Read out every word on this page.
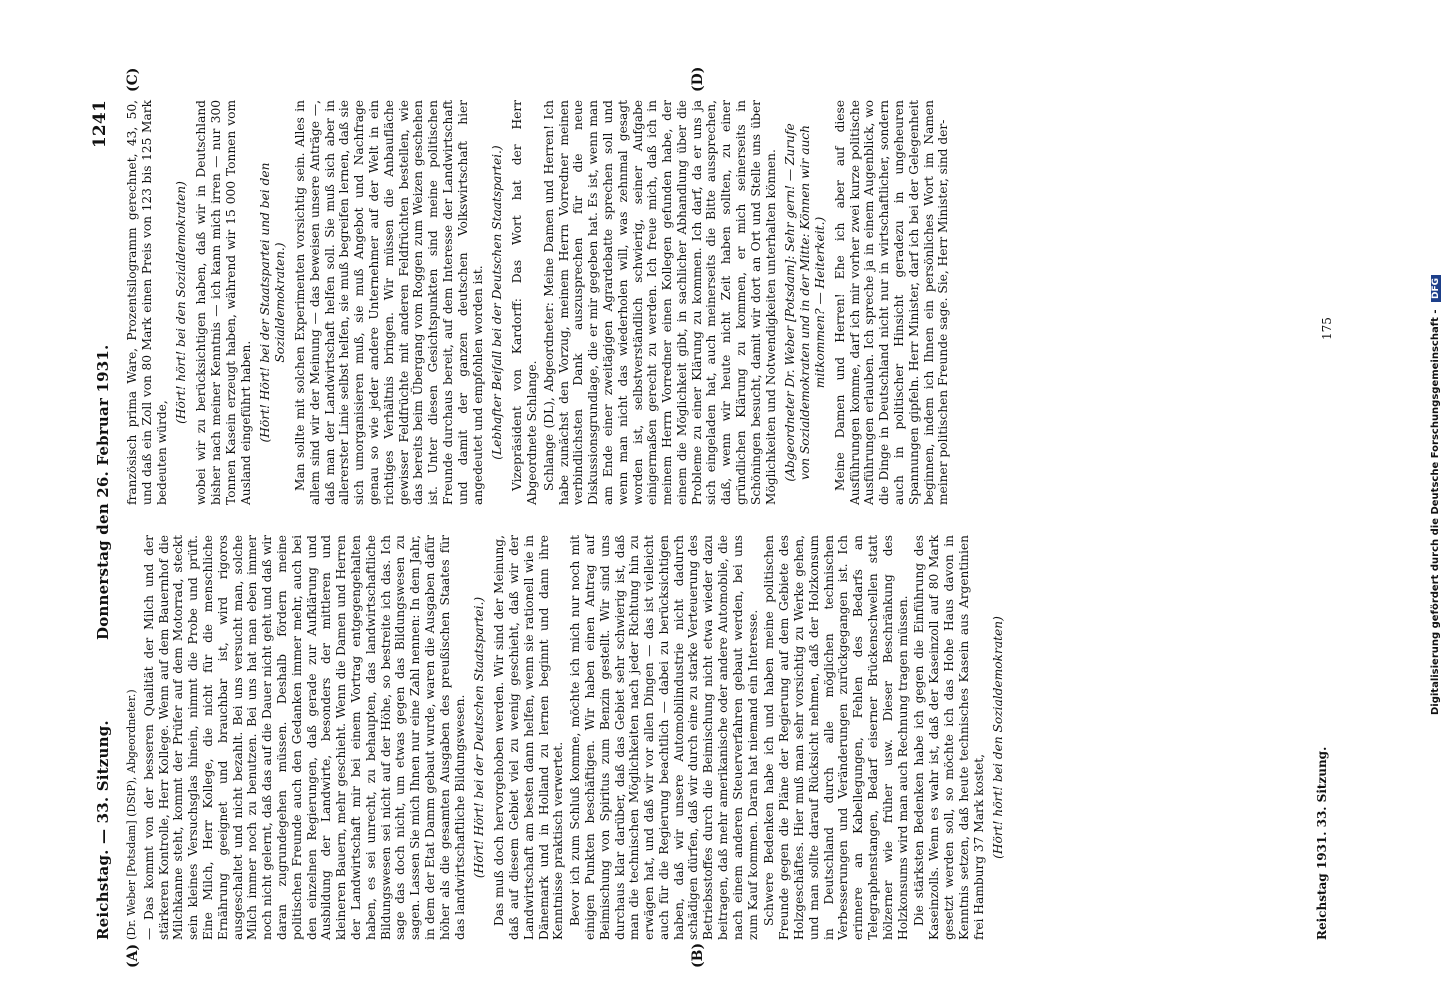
Reichstag. — 33. Sitzung.
Donnerstag den 26. Februar 1931.
1241
(A)	(B)
(C)	(D)

(Dr. Weber [Potsdam] (DStP), Abgeordneter.) — Das kommt von der besseren Qualität der Milch und der stärkeren Kontrolle, Herr Kollege. Wenn auf dem Bauernhof die Milchkanne steht, kommt der Prüfer auf dem Motorrad, steckt sein kleines Versuchsglas hinein, nimmt die Probe und prüft. Eine Milch, Herr Kollege, die nicht für die menschliche Ernährung geeignet und brauchbar ist, wird rigoros ausgeschaltet und nicht bezahlt. Bei uns versucht man, solche Milch immer noch zu benutzen. Bei uns hat man eben immer noch nicht gelernt, daß das auf die Dauer nicht geht und daß wir daran zugrundegehen müssen. Deshalb fördern meine politischen Freunde auch den Gedanken immer mehr, auch bei den einzelnen Regierungen, daß gerade zur Aufklärung und Ausbildung der Landwirte, besonders der mittleren und kleineren Bauern, mehr geschieht. Wenn die Damen und Herren der Landwirtschaft mir bei einem Vortrag entgegengehalten haben, es sei unrecht, zu behaupten, das landwirtschaftliche Bildungswesen sei nicht auf der Höhe, so bestreite ich das. Ich sage das doch nicht, um etwas gegen das Bildungswesen zu sagen. Lassen Sie mich Ihnen nur eine Zahl nennen: In dem Jahr, in dem der Etat Damm gebaut wurde, waren die Ausgaben dafür höher als die gesamten Ausgaben des preußischen Staates für das landwirtschaftliche Bildungswesen. (Hört! Hört! bei der Deutschen Staatspartei.) Das muß doch hervorgehoben werden. Wir sind der Meinung, daß auf diesem Gebiet viel zu wenig geschieht, daß wir der Landwirtschaft am besten dann helfen, wenn sie rationell wie in Dänemark und in Holland zu lernen beginnt und dann ihre Kenntnisse praktisch verwertet. Bevor ich zum Schluß komme, möchte ich mich nur noch mit einigen Punkten beschäftigen. Wir haben einen Antrag auf Beimischung von Spiritus zum Benzin gestellt. Wir sind uns durchaus klar darüber, daß das Gebiet sehr schwierig ist, daß man die technischen Möglichkeiten nach jeder Richtung hin zu erwägen hat, und daß wir vor allen Dingen — das ist vielleicht auch für die Regierung beachtlich — dabei zu berücksichtigen haben, daß wir unsere Automobilindustrie nicht dadurch schädigen dürfen, daß wir durch eine zu starke Verteuerung des Betriebsstoffes durch die Beimischung nicht etwa wieder dazu beitragen, daß mehr amerikanische oder andere Automobile, die nach einem anderen Steuerverfahren gebaut werden, bei uns zum Kauf kommen. Daran hat niemand ein Interesse. Schwere Bedenken habe ich und haben meine politischen Freunde gegen die Pläne der Regierung auf dem Gebiete des Holzgeschäftes. Hier muß man sehr vorsichtig zu Werke gehen, und man sollte darauf Rücksicht nehmen, daß der Holzkonsum in Deutschland durch alle möglichen technischen Verbesserungen und Veränderungen zurückgegangen ist. Ich erinnere an Kabellegungen, Fehlen des Bedarfs an Telegraphenstangen, Bedarf eiserner Brückenschwellen statt hölzerner wie früher usw. Dieser Beschränkung des Holzkonsums wird man auch Rechnung tragen müssen. Die stärksten Bedenken habe ich gegen die Einführung des Kaseinzolls. Wenn es wahr ist, daß der Kaseinzoll auf 80 Mark gesetzt werden soll, so möchte ich das Hohe Haus davon in Kenntnis setzen, daß heute technisches Kasein aus Argentinien frei Hamburg 37 Mark kostet, (Hört! hört! bei den Sozialdemokraten)

französisch prima Ware, Prozentsilogramm gerechnet, 43, 50, und daß ein Zoll von 80 Mark einen Preis von 123 bis 125 Mark bedeuten würde,

(Hört! hört! bei den Sozialdemokraten) wobei wir zu berücksichtigen haben, daß wir in Deutschland bisher nach meiner Kenntnis — ich kann mich irren — nur 300 Tonnen Kasein erzeugt haben, während wir 15 000 Tonnen vom Ausland eingeführt haben. (Hört! Hört! bei der Staatspartei und bei den Sozialdemokraten.) Man sollte mit solchen Experimenten vorsichtig sein. Alles in allem sind wir der Meinung — das beweisen unsere Anträge —, daß man der Landwirtschaft helfen soll. Sie muß sich aber in allererster Linie selbst helfen, sie muß begreifen lernen, daß sie sich umorganisieren muß, sie muß Angebot und Nachfrage genau so wie jeder andere Unternehmer auf der Welt in ein richtiges Verhältnis bringen. Wir müssen die Anbaufläche gewisser Feldfrüchte mit anderen Feldfrüchten bestellen, wie das bereits beim Übergang vom Roggen zum Weizen geschehen ist. Unter diesen Gesichtspunkten sind meine politischen Freunde durchaus bereit, auf dem Interesse der Landwirtschaft und damit der ganzen deutschen Volkswirtschaft hier angedeutet und empfohlen worden ist. (Lebhafter Beifall bei der Deutschen Staatspartei.) Vizepräsident von Kardorff: Das Wort hat der Herr Abgeordnete Schlange. Schlange (DL), Abgeordneter: Meine Damen und Herren! Ich habe zunächst den Vorzug, meinem Herrn Vorredner meinen verbindlichsten Dank auszusprechen für die neue Diskussionsgrundlage, die er mir gegeben hat. Es ist, wenn man am Ende einer zweitägigen Agrardebatte sprechen soll und wenn man nicht das wiederholen will, was zehnmal gesagt worden ist, selbstverständlich schwierig, seiner Aufgabe einigermaßen gerecht zu werden. Ich freue mich, daß ich in meinem Herrn Vorredner einen Kollegen gefunden habe, der einem die Möglichkeit gibt, in sachlicher Abhandlung über die Probleme zu einer Klärung zu kommen. Ich darf, da er uns ja sich eingeladen hat, auch meinerseits die Bitte aussprechen, daß, wenn wir heute nicht Zeit haben sollten, zu einer gründlichen Klärung zu kommen, er mich seinerseits in Schöningen besucht, damit wir dort an Ort und Stelle uns über Möglichkeiten und Notwendigkeiten unterhalten können. (Abgeordneter Dr. Weber [Potsdam]: Sehr gern! — Zurufe von Sozialdemokraten und in der Mitte: Können wir auch mitkommen? — Heiterkeit.) Meine Damen und Herren! Ehe ich aber auf diese Ausführungen komme, darf ich mir vorher zwei kurze politische Ausführungen erlauben. Ich spreche ja in einem Augenblick, wo die Dinge in Deutschland nicht nur in wirtschaftlicher, sondern auch in politischer Hinsicht geradezu in ungeheuren Spannungen gipfeln. Herr Minister, darf ich bei der Gelegenheit beginnen, indem ich Ihnen ein persönliches Wort im Namen meiner politischen Freunde sage. Sie, Herr Minister, sind der-

Reichstag 1931. 33. Sitzung.
175	Digitalisierung gefördert durch die Deutsche Forschungsgemeinschaft - DFG
